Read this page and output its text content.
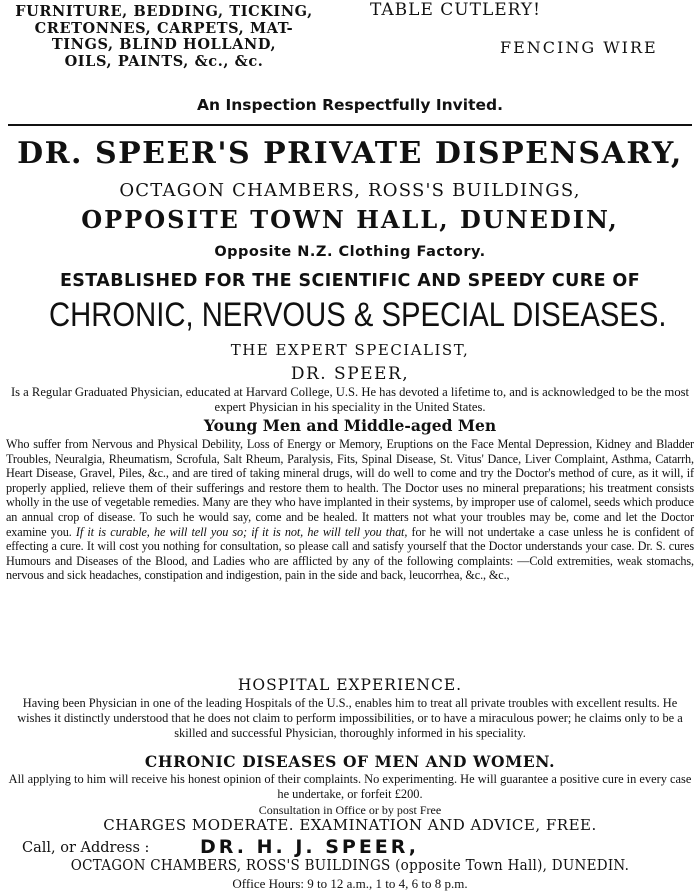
FURNITURE, BEDDING, TICKING,
CRETONNES, CARPETS, MAT-
TINGS, BLIND HOLLAND,
OILS, PAINTS, &c., &c.
TABLE CUTLERY!
FENCING WIRE
An Inspection Respectfully Invited.
DR. SPEER'S PRIVATE DISPENSARY,
OCTAGON CHAMBERS, ROSS'S BUILDINGS,
OPPOSITE TOWN HALL, DUNEDIN,
Opposite N.Z. Clothing Factory.
ESTABLISHED FOR THE SCIENTIFIC AND SPEEDY CURE OF
CHRONIC, NERVOUS & SPECIAL DISEASES.
THE EXPERT SPECIALIST,
DR. SPEER,
Is a Regular Graduated Physician, educated at Harvard College, U.S. He has devoted a lifetime to, and is acknowledged to be the most expert Physician in his speciality in the United States.
Young Men and Middle-aged Men
Who suffer from Nervous and Physical Debility, Loss of Energy or Memory, Eruptions on the Face Mental Depression, Kidney and Bladder Troubles, Neuralgia, Rheumatism, Scrofula, Salt Rheum, Paralysis, Fits, Spinal Disease, St. Vitus' Dance, Liver Complaint, Asthma, Catarrh, Heart Disease, Gravel, Piles, &c., and are tired of taking mineral drugs, will do well to come and try the Doctor's method of cure, as it will, if properly applied, relieve them of their sufferings and restore them to health. The Doctor uses no mineral preparations; his treatment consists wholly in the use of vegetable remedies. Many are they who have implanted in their systems, by improper use of calomel, seeds which produce an annual crop of disease. To such he would say, come and be healed. It matters not what your troubles may be, come and let the Doctor examine you. If it is curable, he will tell you so; if it is not, he will tell you that, for he will not undertake a case unless he is confident of effecting a cure. It will cost you nothing for consultation, so please call and satisfy yourself that the Doctor understands your case. Dr. S. cures Humours and Diseases of the Blood, and Ladies who are afflicted by any of the following complaints: —Cold extremities, weak stomachs, nervous and sick headaches, constipation and indigestion, pain in the side and back, leucorrhea, &c., &c.,
HOSPITAL EXPERIENCE.
Having been Physician in one of the leading Hospitals of the U.S., enables him to treat all private troubles with excellent results. He wishes it distinctly understood that he does not claim to perform impossibilities, or to have a miraculous power; he claims only to be a skilled and successful Physician, thoroughly informed in his speciality.
CHRONIC DISEASES OF MEN AND WOMEN.
All applying to him will receive his honest opinion of their complaints. No experimenting. He will guarantee a positive cure in every case he undertake, or forfeit £200.
Consultation in Office or by post Free
CHARGES MODERATE. EXAMINATION AND ADVICE, FREE.
Call, or Address :	DR. H. J. SPEER,
OCTAGON CHAMBERS, ROSS'S BUILDINGS (opposite Town Hall), DUNEDIN.
Office Hours: 9 to 12 a.m., 1 to 4, 6 to 8 p.m.
